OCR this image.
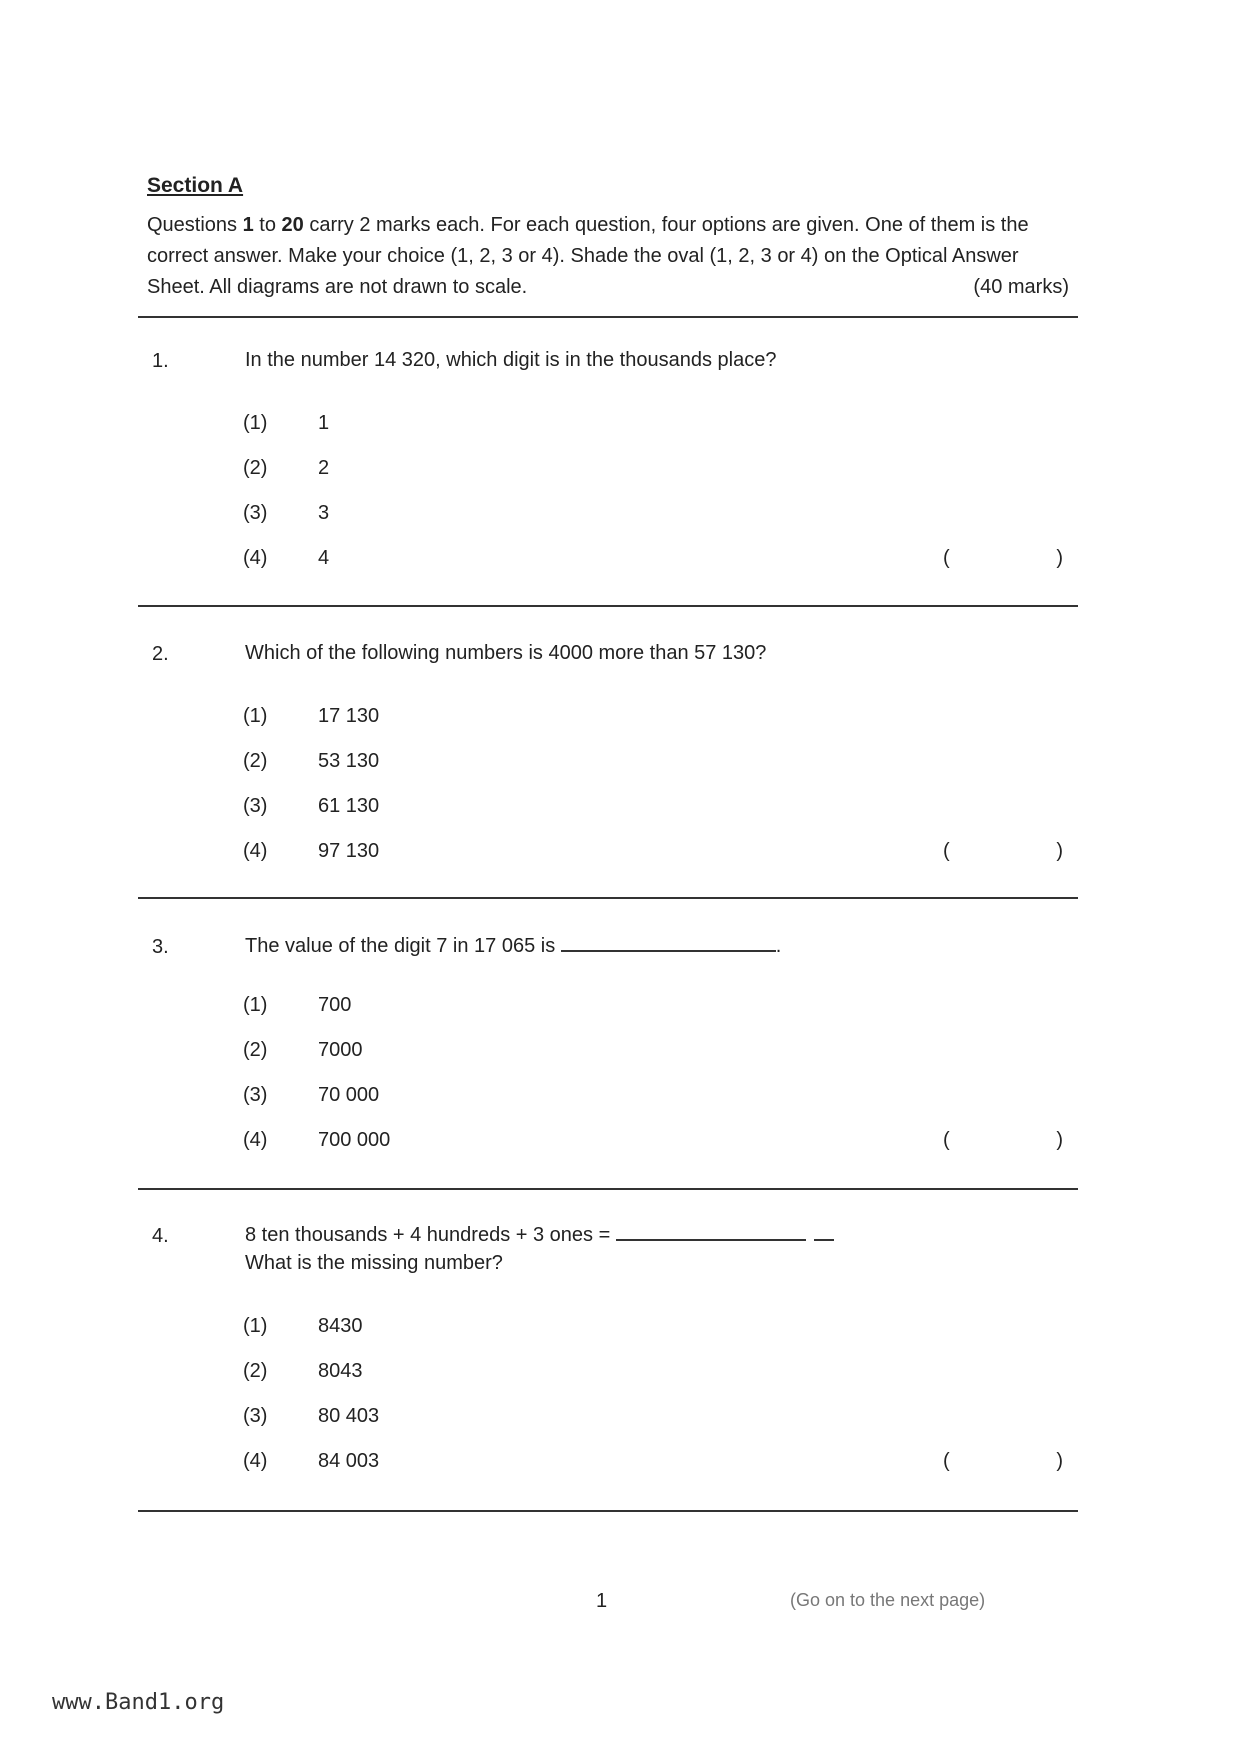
Section A
Questions 1 to 20 carry 2 marks each. For each question, four options are given. One of them is the correct answer. Make your choice (1, 2, 3 or 4). Shade the oval (1, 2, 3 or 4) on the Optical Answer Sheet. All diagrams are not drawn to scale.	(40 marks)
1.	In the number 14 320, which digit is in the thousands place?
(1)	1
(2)	2
(3)	3
(4)	4	(	)
2.	Which of the following numbers is 4000 more than 57 130?
(1)	17 130
(2)	53 130
(3)	61 130
(4)	97 130	(	)
3.	The value of the digit 7 in 17 065 is	.
(1)	700
(2)	7000
(3)	70 000
(4)	700 000	(	)
4.	8 ten thousands + 4 hundreds + 3 ones =
What is the missing number?
(1)	8430
(2)	8043
(3)	80 403
(4)	84 003	(	)
1	(Go on to the next page)
www.Band1.org
